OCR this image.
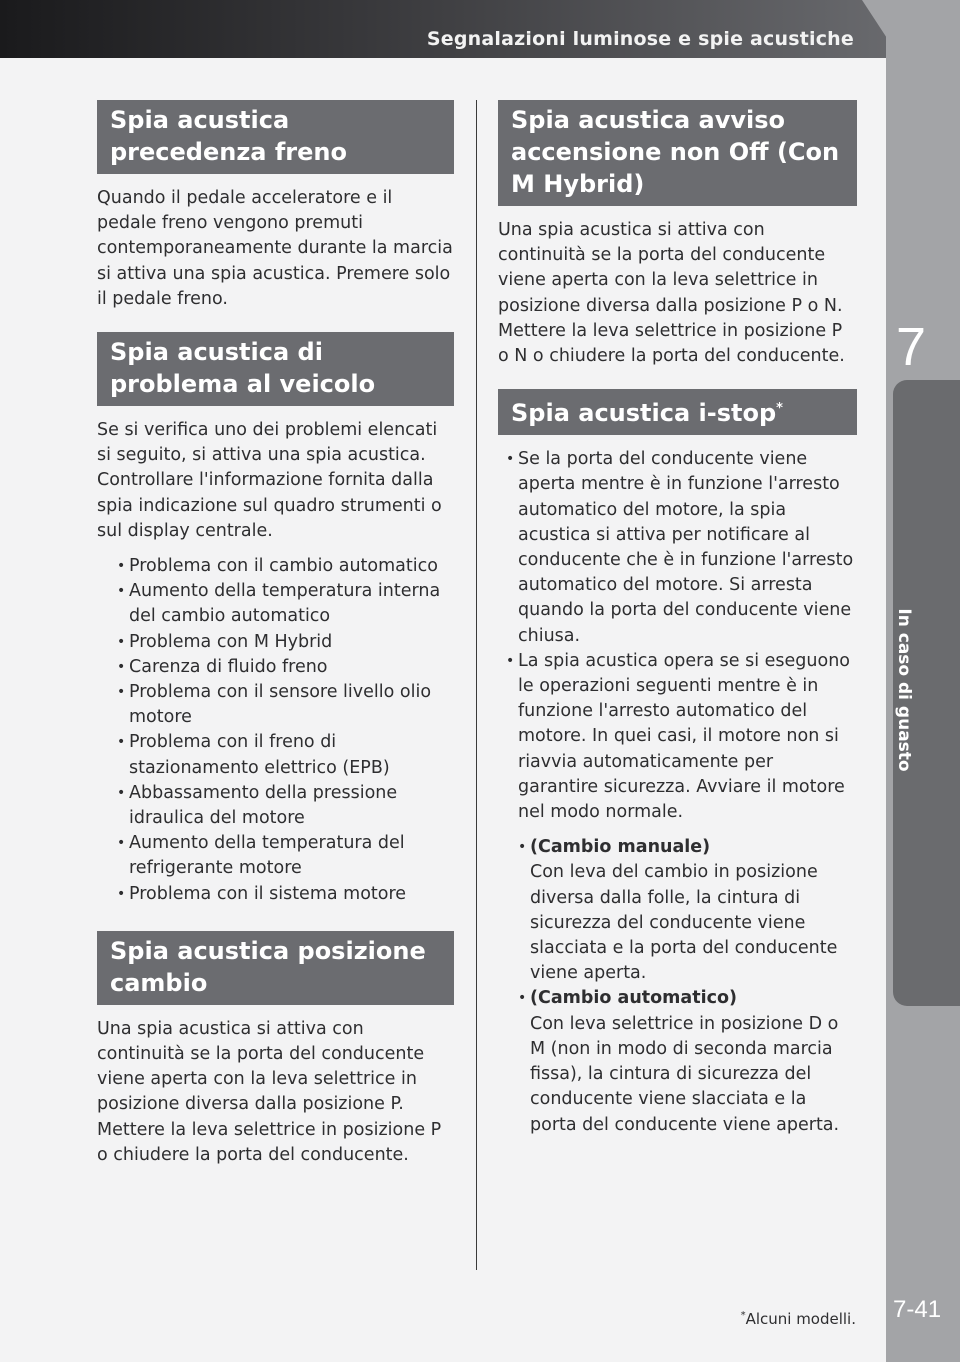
Segnalazioni luminose e spie acustiche
7
In caso di guasto
7-41
*Alcuni modelli.
Spia acustica precedenza freno

Quando il pedale acceleratore e il pedale freno vengono premuti contemporaneamente durante la marcia si attiva una spia acustica. Premere solo il pedale freno.

Spia acustica di problema al veicolo

Se si verifica uno dei problemi elencati si seguito, si attiva una spia acustica. Controllare l'informazione fornita dalla spia indicazione sul quadro strumenti o sul display centrale.

• Problema con il cambio automatico
• Aumento della temperatura interna del cambio automatico
• Problema con M Hybrid
• Carenza di fluido freno
• Problema con il sensore livello olio motore
• Problema con il freno di stazionamento elettrico (EPB)
• Abbassamento della pressione idraulica del motore
• Aumento della temperatura del refrigerante motore
• Problema con il sistema motore
Spia acustica posizione cambio

Una spia acustica si attiva con continuità se la porta del conducente viene aperta con la leva selettrice in posizione diversa dalla posizione P. Mettere la leva selettrice in posizione P o chiudere la porta del conducente.

Spia acustica avviso accensione non Off (Con M Hybrid)

Una spia acustica si attiva con continuità se la porta del conducente viene aperta con la leva selettrice in posizione diversa dalla posizione P o N. Mettere la leva selettrice in posizione P o N o chiudere la porta del conducente.

Spia acustica i-stop*
• Se la porta del conducente viene aperta mentre è in funzione l'arresto automatico del motore, la spia acustica si attiva per notificare al conducente che è in funzione l'arresto automatico del motore. Si arresta quando la porta del conducente viene chiusa.
• La spia acustica opera se si eseguono le operazioni seguenti mentre è in funzione l'arresto automatico del motore. In quei casi, il motore non si riavvia automaticamente per garantire sicurezza. Avviare il motore nel modo normale.
• (Cambio manuale)
Con leva del cambio in posizione diversa dalla folle, la cintura di sicurezza del conducente viene slacciata e la porta del conducente viene aperta.
• (Cambio automatico)
Con leva selettrice in posizione D o M (non in modo di seconda marcia fissa), la cintura di sicurezza del conducente viene slacciata e la porta del conducente viene aperta.
